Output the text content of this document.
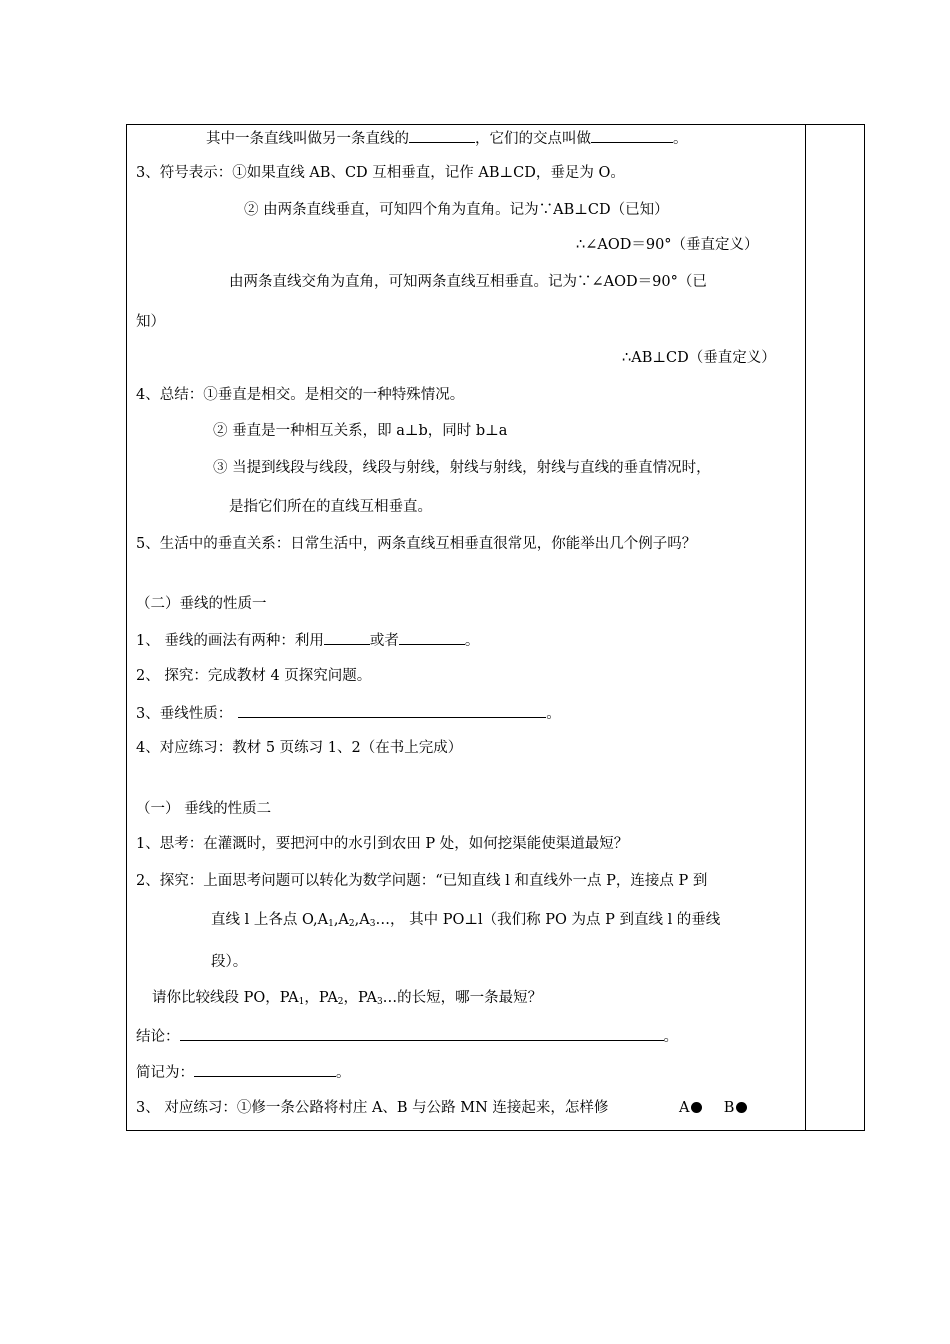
其中一条直线叫做另一条直线的	，它们的交点叫做	。
3、符号表示：①如果直线 AB、CD 互相垂直，记作 AB⊥CD，垂足为 O。
② 由两条直线垂直，可知四个角为直角。记为∵AB⊥CD（已知）
∴∠AOD＝90°（垂直定义）
由两条直线交角为直角，可知两条直线互相垂直。记为∵∠AOD＝90°（已
知）
∴AB⊥CD（垂直定义）
4、总结：①垂直是相交。是相交的一种特殊情况。
② 垂直是一种相互关系，即 a⊥b，同时 b⊥a
③ 当提到线段与线段，线段与射线，射线与射线，射线与直线的垂直情况时，
是指它们所在的直线互相垂直。
5、生活中的垂直关系：日常生活中，两条直线互相垂直很常见，你能举出几个例子吗？
（二）垂线的性质一
1、 垂线的画法有两种：利用	或者	。
2、 探究：完成教材 4 页探究问题。
3、垂线性质：	。
4、对应练习：教材 5 页练习 1、2（在书上完成）
（一） 垂线的性质二
1、思考：在灌溉时，要把河中的水引到农田 P 处，如何挖渠能使渠道最短？
2、探究：上面思考问题可以转化为数学问题：“已知直线 l 和直线外一点 P，连接点 P 到
直线 l 上各点 $O,A_1,A_2,A_3\dots$， 其中 PO⊥l（我们称 PO 为点 P 到直线 l 的垂线
段）。
请你比较线段 PO，$PA_1$，$PA_2$，$PA_3\dots$的长短，哪一条最短？
结论：	。
简记为：	。
3、 对应练习：①修一条公路将村庄 A、B 与公路 MN 连接起来，怎样修	A B
